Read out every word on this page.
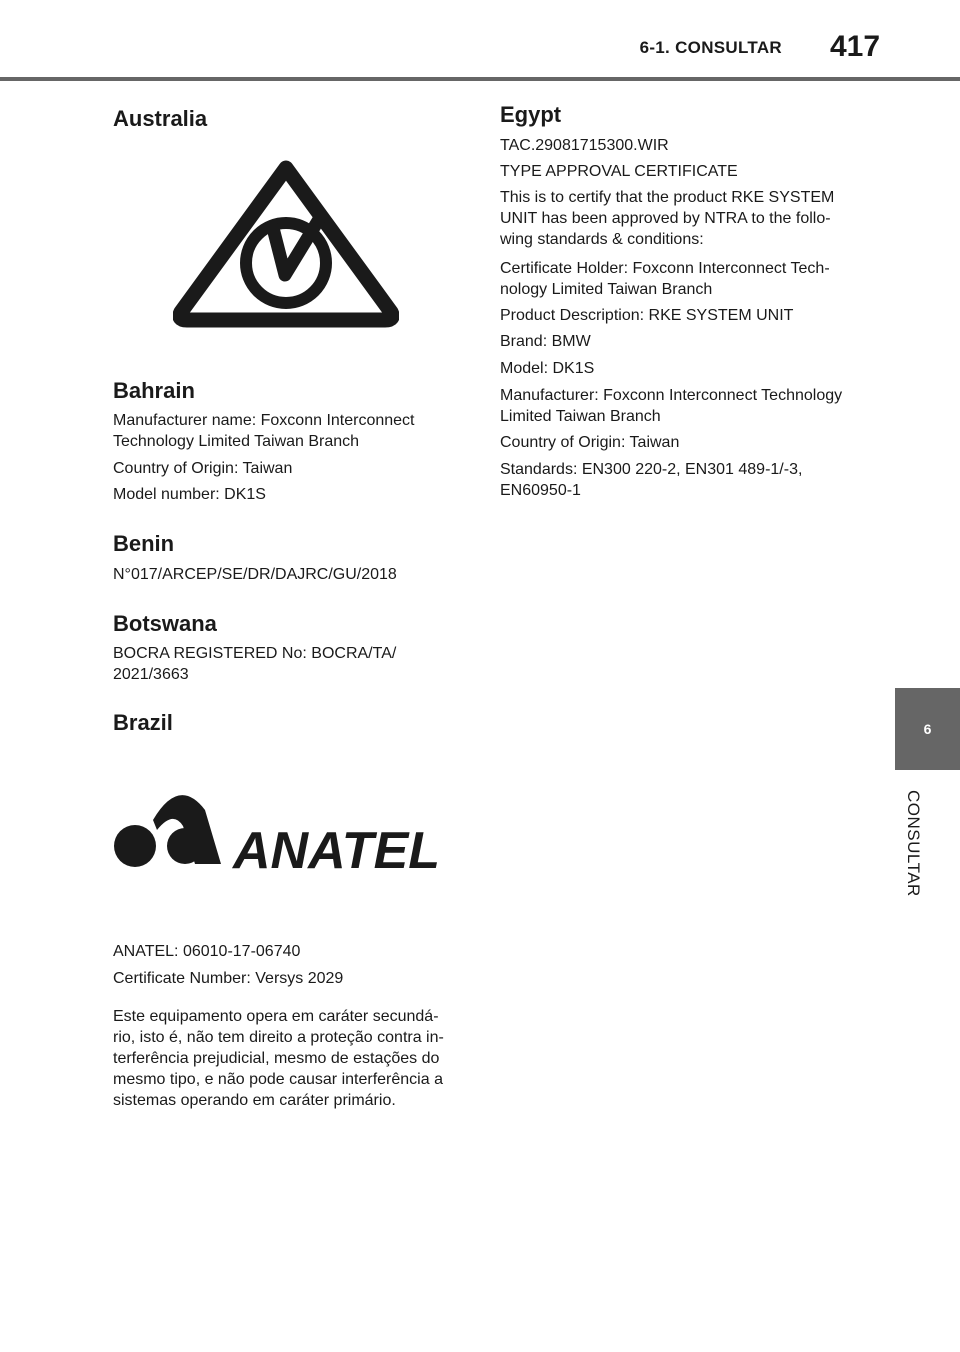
6-1. CONSULTAR 417
Australia
Bahrain

Manufacturer name: Foxconn Interconnect Technology Limited Taiwan Branch

Country of Origin: Taiwan

Model number: DK1S

Benin

N°017/ARCEP/SE/DR/DAJRC/GU/2018

Botswana

BOCRA REGISTERED No: BOCRA/TA/ 2021/3663

Brazil
ANATEL

ANATEL: 06010-17-06740

Certificate Number: Versys 2029

Este equipamento opera em caráter secundá- rio, isto é, não tem direito a proteção contra in- terferência prejudicial, mesmo de estações do mesmo tipo, e não pode causar interferência a sistemas operando em caráter primário.

Egypt

TAC.29081715300.WIR

TYPE APPROVAL CERTIFICATE

This is to certify that the product RKE SYSTEM UNIT has been approved by NTRA to the follo- wing standards & conditions:

Certificate Holder: Foxconn Interconnect Tech- nology Limited Taiwan Branch

Product Description: RKE SYSTEM UNIT

Brand: BMW

Model: DK1S

Manufacturer: Foxconn Interconnect Technology Limited Taiwan Branch

Country of Origin: Taiwan

Standards: EN300 220-2, EN301 489-1/-3, EN60950-1

6
CONSULTAR
